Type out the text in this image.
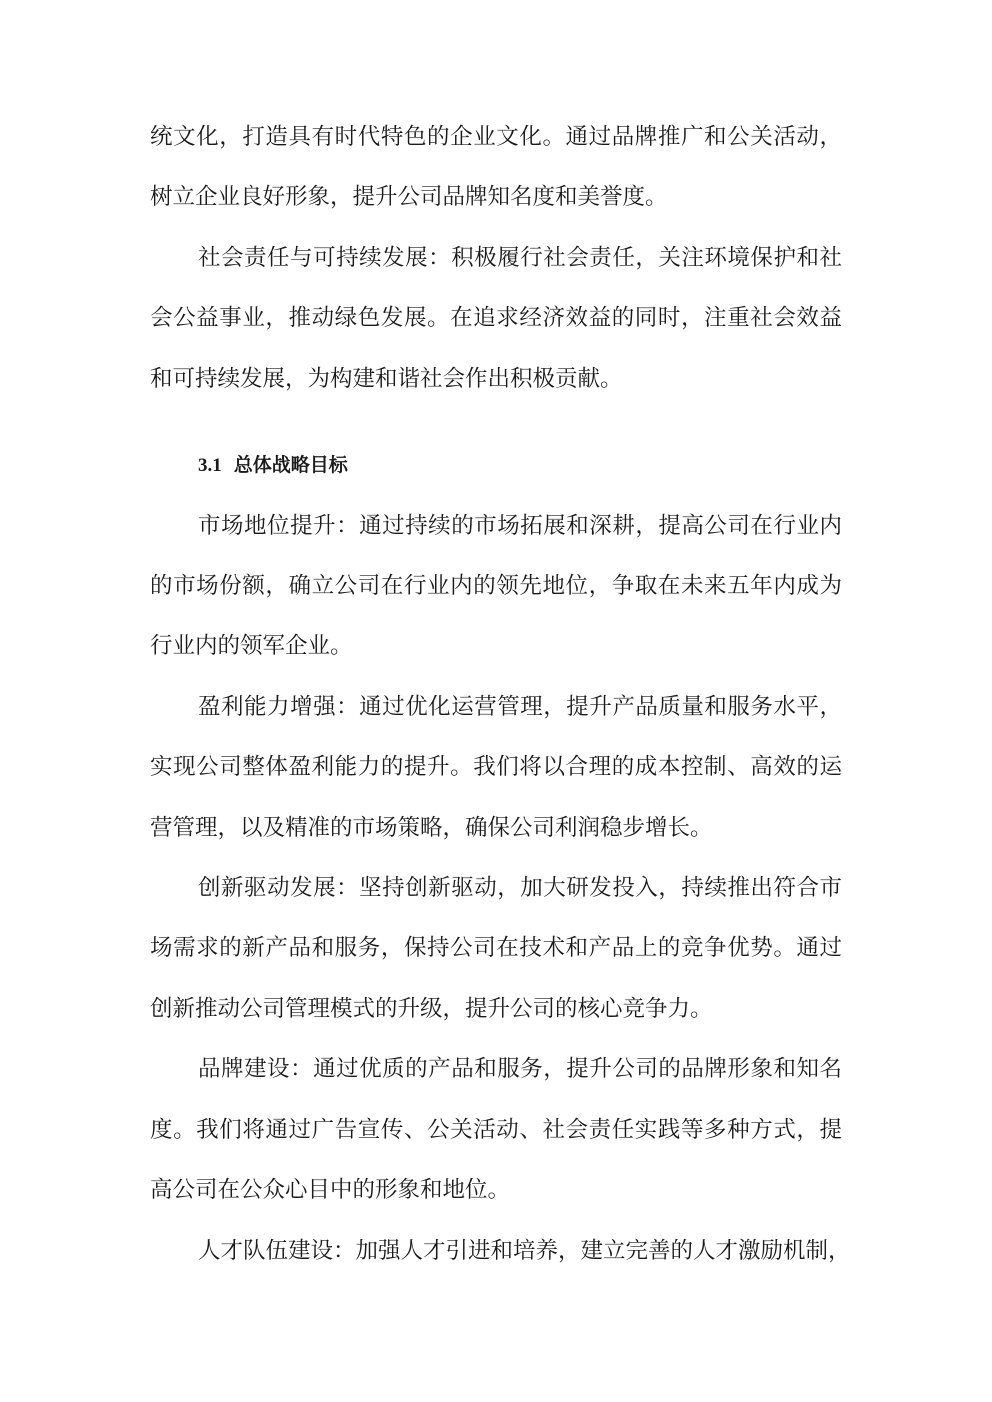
统文化，打造具有时代特色的企业文化。通过品牌推广和公关活动，
树立企业良好形象，提升公司品牌知名度和美誉度。
社会责任与可持续发展：积极履行社会责任，关注环境保护和社
会公益事业，推动绿色发展。在追求经济效益的同时，注重社会效益
和可持续发展，为构建和谐社会作出积极贡献。
3.1 总体战略目标
市场地位提升：通过持续的市场拓展和深耕，提高公司在行业内
的市场份额，确立公司在行业内的领先地位，争取在未来五年内成为
行业内的领军企业。
盈利能力增强：通过优化运营管理，提升产品质量和服务水平，
实现公司整体盈利能力的提升。我们将以合理的成本控制、高效的运
营管理，以及精准的市场策略，确保公司利润稳步增长。
创新驱动发展：坚持创新驱动，加大研发投入，持续推出符合市
场需求的新产品和服务，保持公司在技术和产品上的竞争优势。通过
创新推动公司管理模式的升级，提升公司的核心竞争力。
品牌建设：通过优质的产品和服务，提升公司的品牌形象和知名
度。我们将通过广告宣传、公关活动、社会责任实践等多种方式，提
高公司在公众心目中的形象和地位。
人才队伍建设：加强人才引进和培养，建立完善的人才激励机制，
